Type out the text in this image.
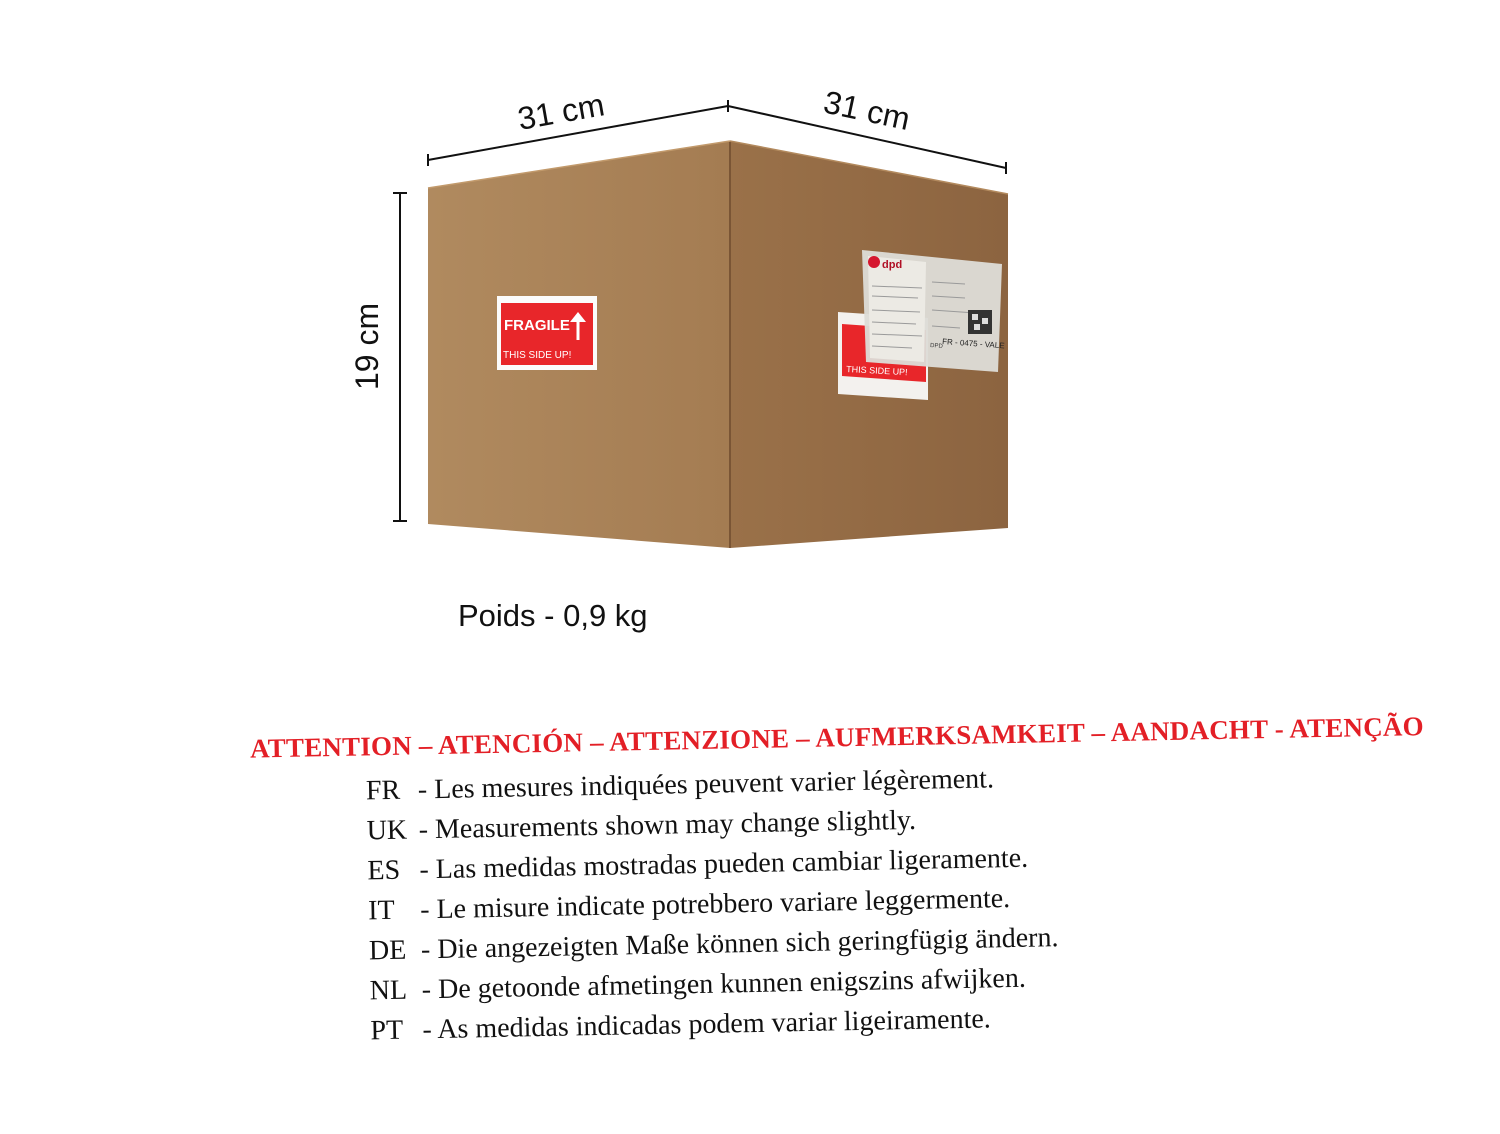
31 cm	31 cm
19 cm	FRAGILE
THIS SIDE UP!
THIS SIDE UP!
dpd
DPD
FR - 0475 - VALE
Poids - 0,9 kg
ATTENTION – ATENCIÓN – ATTENZIONE – AUFMERKSAMKEIT – AANDACHT - ATENÇÃO
FR - Les mesures indiquées peuvent varier légèrement.
UK - Measurements shown may change slightly.
ES - Las medidas mostradas pueden cambiar ligeramente.
IT - Le misure indicate potrebbero variare leggermente.
DE - Die angezeigten Maße können sich geringfügig ändern.
NL - De getoonde afmetingen kunnen enigszins afwijken.
PT - As medidas indicadas podem variar ligeiramente.
